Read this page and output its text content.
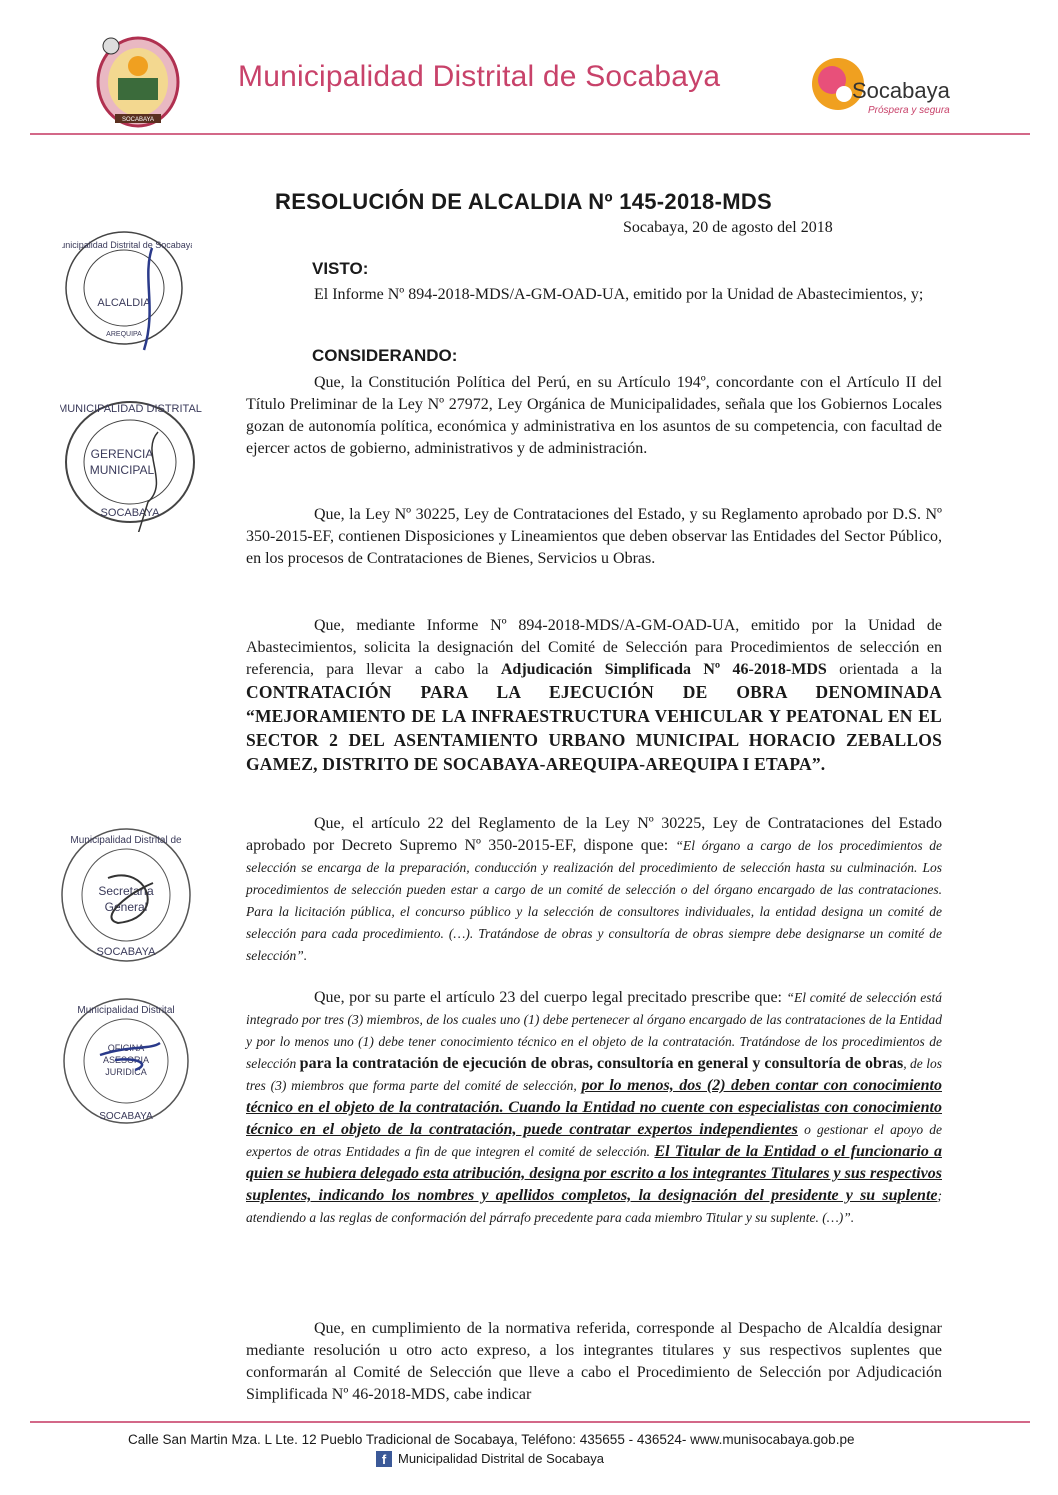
SOCABAYA
Municipalidad Distrital de Socabaya	Socabaya
Próspera y segura
RESOLUCIÓN DE ALCALDIA Nº 145-2018-MDS
Socabaya, 20 de agosto del 2018
Municipalidad Distrital de Socabaya
ALCALDIA
AREQUIPA
MUNICIPALIDAD DISTRITAL
GERENCIA
MUNICIPAL
SOCABAYA
Municipalidad Distrital de
Secretaría
General
SOCABAYA
Municipalidad Distrital
OFICINA
ASESORIA
JURIDICA
SOCABAYA
VISTO:

El Informe Nº 894-2018-MDS/A-GM-OAD-UA, emitido por la Unidad de Abastecimientos, y;

CONSIDERANDO:

Que, la Constitución Política del Perú, en su Artículo 194º, concordante con el Artículo II del Título Preliminar de la Ley Nº 27972, Ley Orgánica de Municipalidades, señala que los Gobiernos Locales gozan de autonomía política, económica y administrativa en los asuntos de su competencia, con facultad de ejercer actos de gobierno, administrativos y de administración.

Que, la Ley Nº 30225, Ley de Contrataciones del Estado, y su Reglamento aprobado por D.S. Nº 350-2015-EF, contienen Disposiciones y Lineamientos que deben observar las Entidades del Sector Público, en los procesos de Contrataciones de Bienes, Servicios u Obras.

Que, mediante Informe Nº 894-2018-MDS/A-GM-OAD-UA, emitido por la Unidad de Abastecimientos, solicita la designación del Comité de Selección para Procedimientos de selección en referencia, para llevar a cabo la Adjudicación Simplificada Nº 46-2018-MDS orientada a la CONTRATACIÓN PARA LA EJECUCIÓN DE OBRA DENOMINADA “MEJORAMIENTO DE LA INFRAESTRUCTURA VEHICULAR Y PEATONAL EN EL SECTOR 2 DEL ASENTAMIENTO URBANO MUNICIPAL HORACIO ZEBALLOS GAMEZ, DISTRITO DE SOCABAYA-AREQUIPA-AREQUIPA I ETAPA”.

Que, el artículo 22 del Reglamento de la Ley Nº 30225, Ley de Contrataciones del Estado aprobado por Decreto Supremo Nº 350-2015-EF, dispone que: “El órgano a cargo de los procedimientos de selección se encarga de la preparación, conducción y realización del procedimiento de selección hasta su culminación. Los procedimientos de selección pueden estar a cargo de un comité de selección o del órgano encargado de las contrataciones. Para la licitación pública, el concurso público y la selección de consultores individuales, la entidad designa un comité de selección para cada procedimiento. (…). Tratándose de obras y consultoría de obras siempre debe designarse un comité de selección”.

Que, por su parte el artículo 23 del cuerpo legal precitado prescribe que: “El comité de selección está integrado por tres (3) miembros, de los cuales uno (1) debe pertenecer al órgano encargado de las contrataciones de la Entidad y por lo menos uno (1) debe tener conocimiento técnico en el objeto de la contratación. Tratándose de los procedimientos de selección para la contratación de ejecución de obras, consultoría en general y consultoría de obras, de los tres (3) miembros que forma parte del comité de selección, por lo menos, dos (2) deben contar con conocimiento técnico en el objeto de la contratación. Cuando la Entidad no cuente con especialistas con conocimiento técnico en el objeto de la contratación, puede contratar expertos independientes o gestionar el apoyo de expertos de otras Entidades a fin de que integren el comité de selección. El Titular de la Entidad o el funcionario a quien se hubiera delegado esta atribución, designa por escrito a los integrantes Titulares y sus respectivos suplentes, indicando los nombres y apellidos completos, la designación del presidente y su suplente; atendiendo a las reglas de conformación del párrafo precedente para cada miembro Titular y su suplente. (…)”.

Que, en cumplimiento de la normativa referida, corresponde al Despacho de Alcaldía designar mediante resolución u otro acto expreso, a los integrantes titulares y sus respectivos suplentes que conformarán al Comité de Selección que lleve a cabo el Procedimiento de Selección por Adjudicación Simplificada Nº 46-2018-MDS, cabe indicar

Calle San Martin Mza. L Lte. 12 Pueblo Tradicional de Socabaya, Teléfono: 435655 - 436524- www.munisocabaya.gob.pe
f Municipalidad Distrital de Socabaya
